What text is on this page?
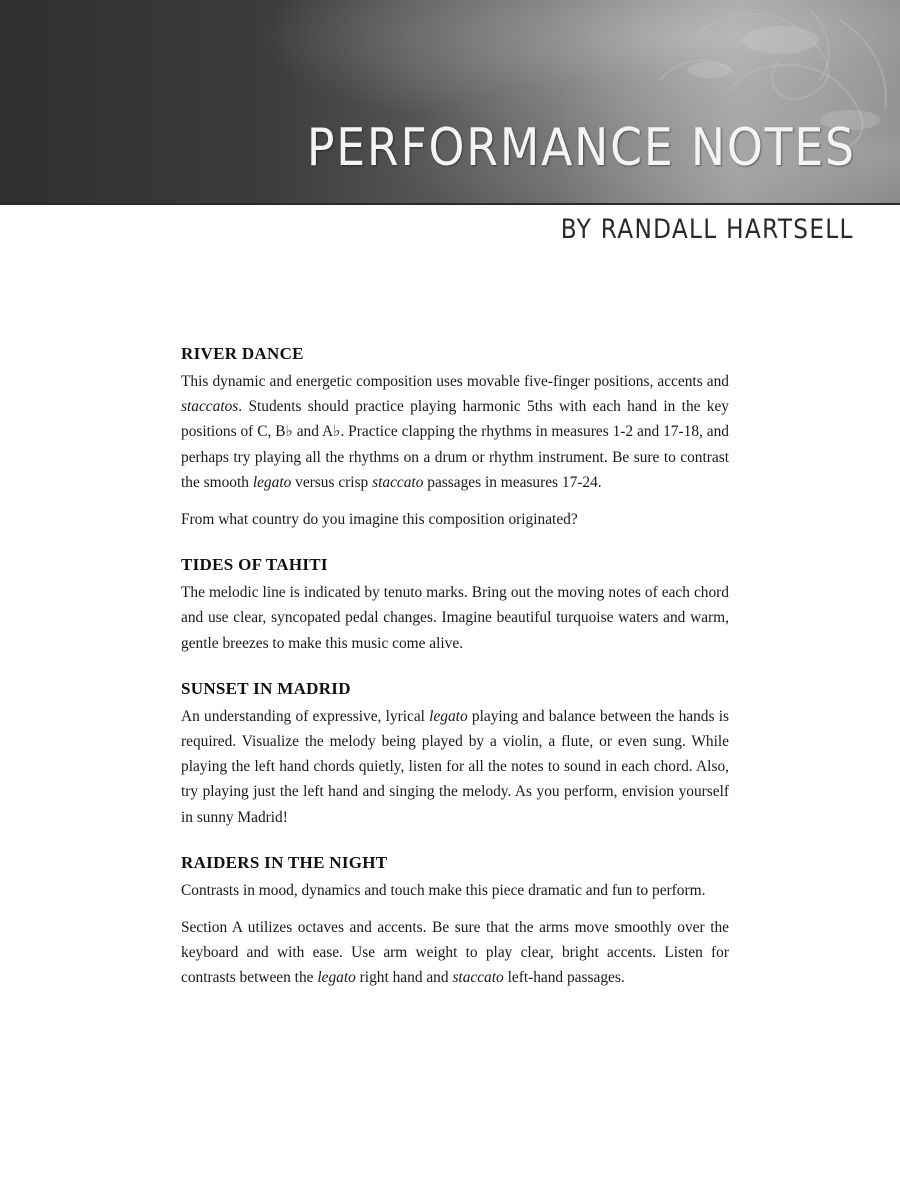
PERFORMANCE NOTES
BY RANDALL HARTSELL
RIVER DANCE

This dynamic and energetic composition uses movable five-finger positions, accents and staccatos. Students should practice playing harmonic 5ths with each hand in the key positions of C, B♭ and A♭. Practice clapping the rhythms in measures 1-2 and 17-18, and perhaps try playing all the rhythms on a drum or rhythm instrument. Be sure to contrast the smooth legato versus crisp staccato passages in measures 17-24.

From what country do you imagine this composition originated?

TIDES OF TAHITI

The melodic line is indicated by tenuto marks. Bring out the moving notes of each chord and use clear, syncopated pedal changes. Imagine beautiful turquoise waters and warm, gentle breezes to make this music come alive.

SUNSET IN MADRID

An understanding of expressive, lyrical legato playing and balance between the hands is required. Visualize the melody being played by a violin, a flute, or even sung. While playing the left hand chords quietly, listen for all the notes to sound in each chord. Also, try playing just the left hand and singing the melody. As you perform, envision yourself in sunny Madrid!

RAIDERS IN THE NIGHT

Contrasts in mood, dynamics and touch make this piece dramatic and fun to perform.

Section A utilizes octaves and accents. Be sure that the arms move smoothly over the keyboard and with ease. Use arm weight to play clear, bright accents. Listen for contrasts between the legato right hand and staccato left-hand passages.
